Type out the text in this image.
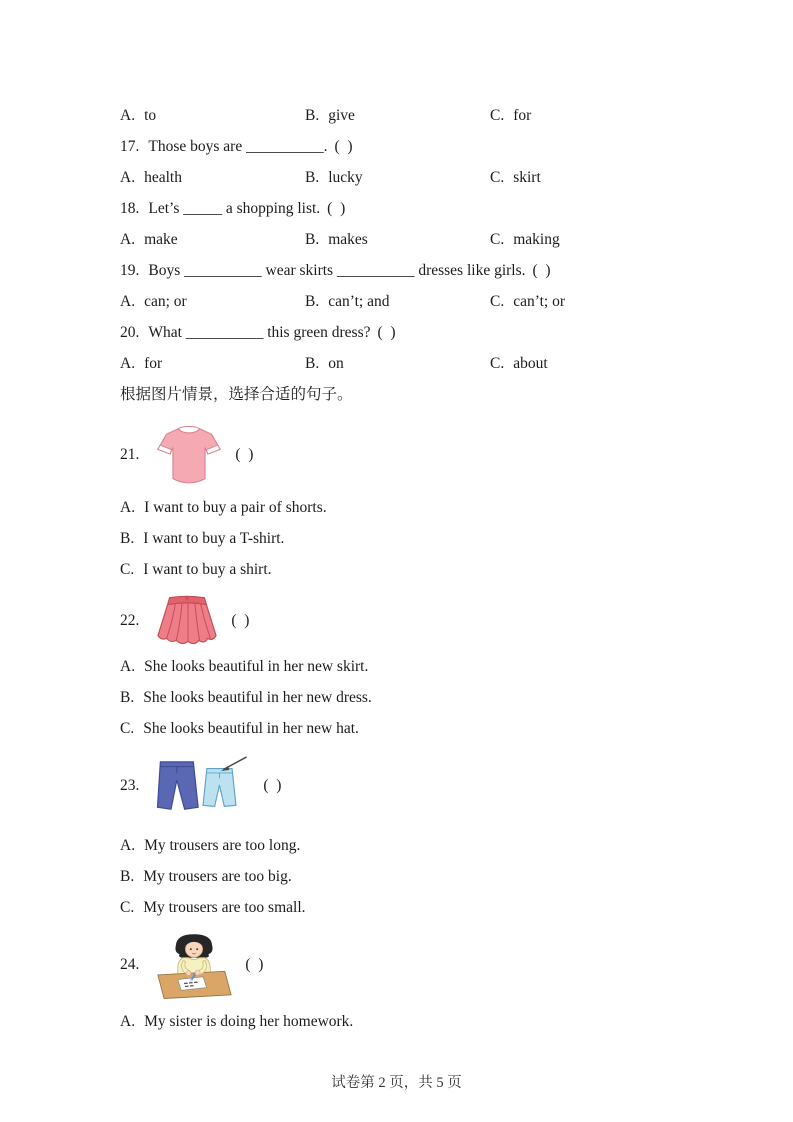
A. to	B. give	C. for
17. Those boys are __________. (  )
A. health	B. lucky	C. skirt
18. Let’s _____ a shopping list. (  )
A. make	B. makes	C. making
19. Boys __________ wear skirts __________ dresses like girls. (  )
A. can; or	B. can’t; and	C. can’t; or
20. What __________ this green dress? (  )
A. for	B. on	C. about
根据图片情景，选择合适的句子。
21.	(  )
A. I want to buy a pair of shorts.
B. I want to buy a T-shirt.
C. I want to buy a shirt.
22.	(  )
A. She looks beautiful in her new skirt.
B. She looks beautiful in her new dress.
C. She looks beautiful in her new hat.
23.	(  )
A. My trousers are too long.
B. My trousers are too big.
C. My trousers are too small.
24.	(  )
A. My sister is doing her homework.
试卷第 2 页，共 5 页
